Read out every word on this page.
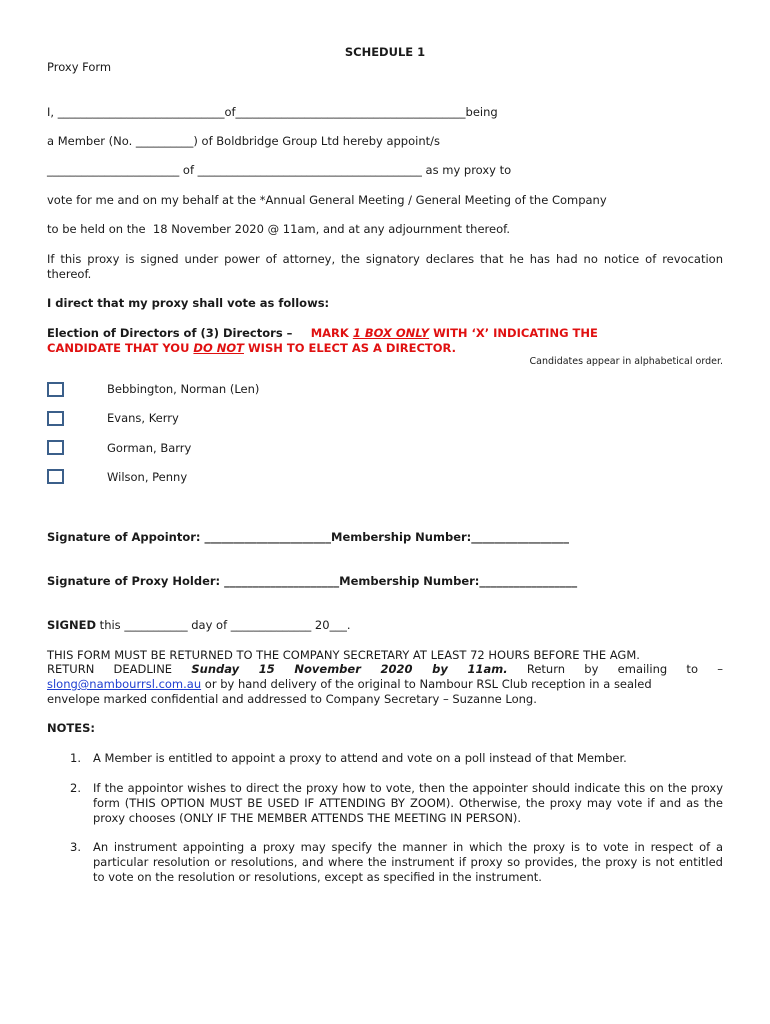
SCHEDULE 1
Proxy Form
I, _____________________________of________________________________________being
a Member (No. __________) of Boldbridge Group Ltd hereby appoint/s
_______________________ of _______________________________________ as my proxy to
vote for me and on my behalf at the *Annual General Meeting / General Meeting of the Company
to be held on the  18 November 2020 @ 11am, and at any adjournment thereof.
If this proxy is signed under power of attorney, the signatory declares that he has had no notice of revocation thereof.
I direct that my proxy shall vote as follows:
Election of Directors of (3) Directors – MARK 1 BOX ONLY WITH ‘X’ INDICATING THE
CANDIDATE THAT YOU DO NOT WISH TO ELECT AS A DIRECTOR.
Candidates appear in alphabetical order.
Bebbington, Norman (Len)
Evans, Kerry
Gorman, Barry
Wilson, Penny
Signature of Appointor: ______________________Membership Number:_________________
Signature of Proxy Holder: ____________________Membership Number:_________________
SIGNED this ___________ day of ______________ 20___.
THIS FORM MUST BE RETURNED TO THE COMPANY SECRETARY AT LEAST 72 HOURS BEFORE THE AGM.
RETURN DEADLINE Sunday 15 November 2020 by 11am. Return by emailing to –
slong@nambourrsl.com.au or by hand delivery of the original to Nambour RSL Club reception in a sealed
envelope marked confidential and addressed to Company Secretary – Suzanne Long.
NOTES:
1. A Member is entitled to appoint a proxy to attend and vote on a poll instead of that Member.
2. If the appointor wishes to direct the proxy how to vote, then the appointer should indicate this on the proxy form (THIS OPTION MUST BE USED IF ATTENDING BY ZOOM). Otherwise, the proxy may vote if and as the proxy chooses (ONLY IF THE MEMBER ATTENDS THE MEETING IN PERSON).
3. An instrument appointing a proxy may specify the manner in which the proxy is to vote in respect of a particular resolution or resolutions, and where the instrument if proxy so provides, the proxy is not entitled to vote on the resolution or resolutions, except as specified in the instrument.
